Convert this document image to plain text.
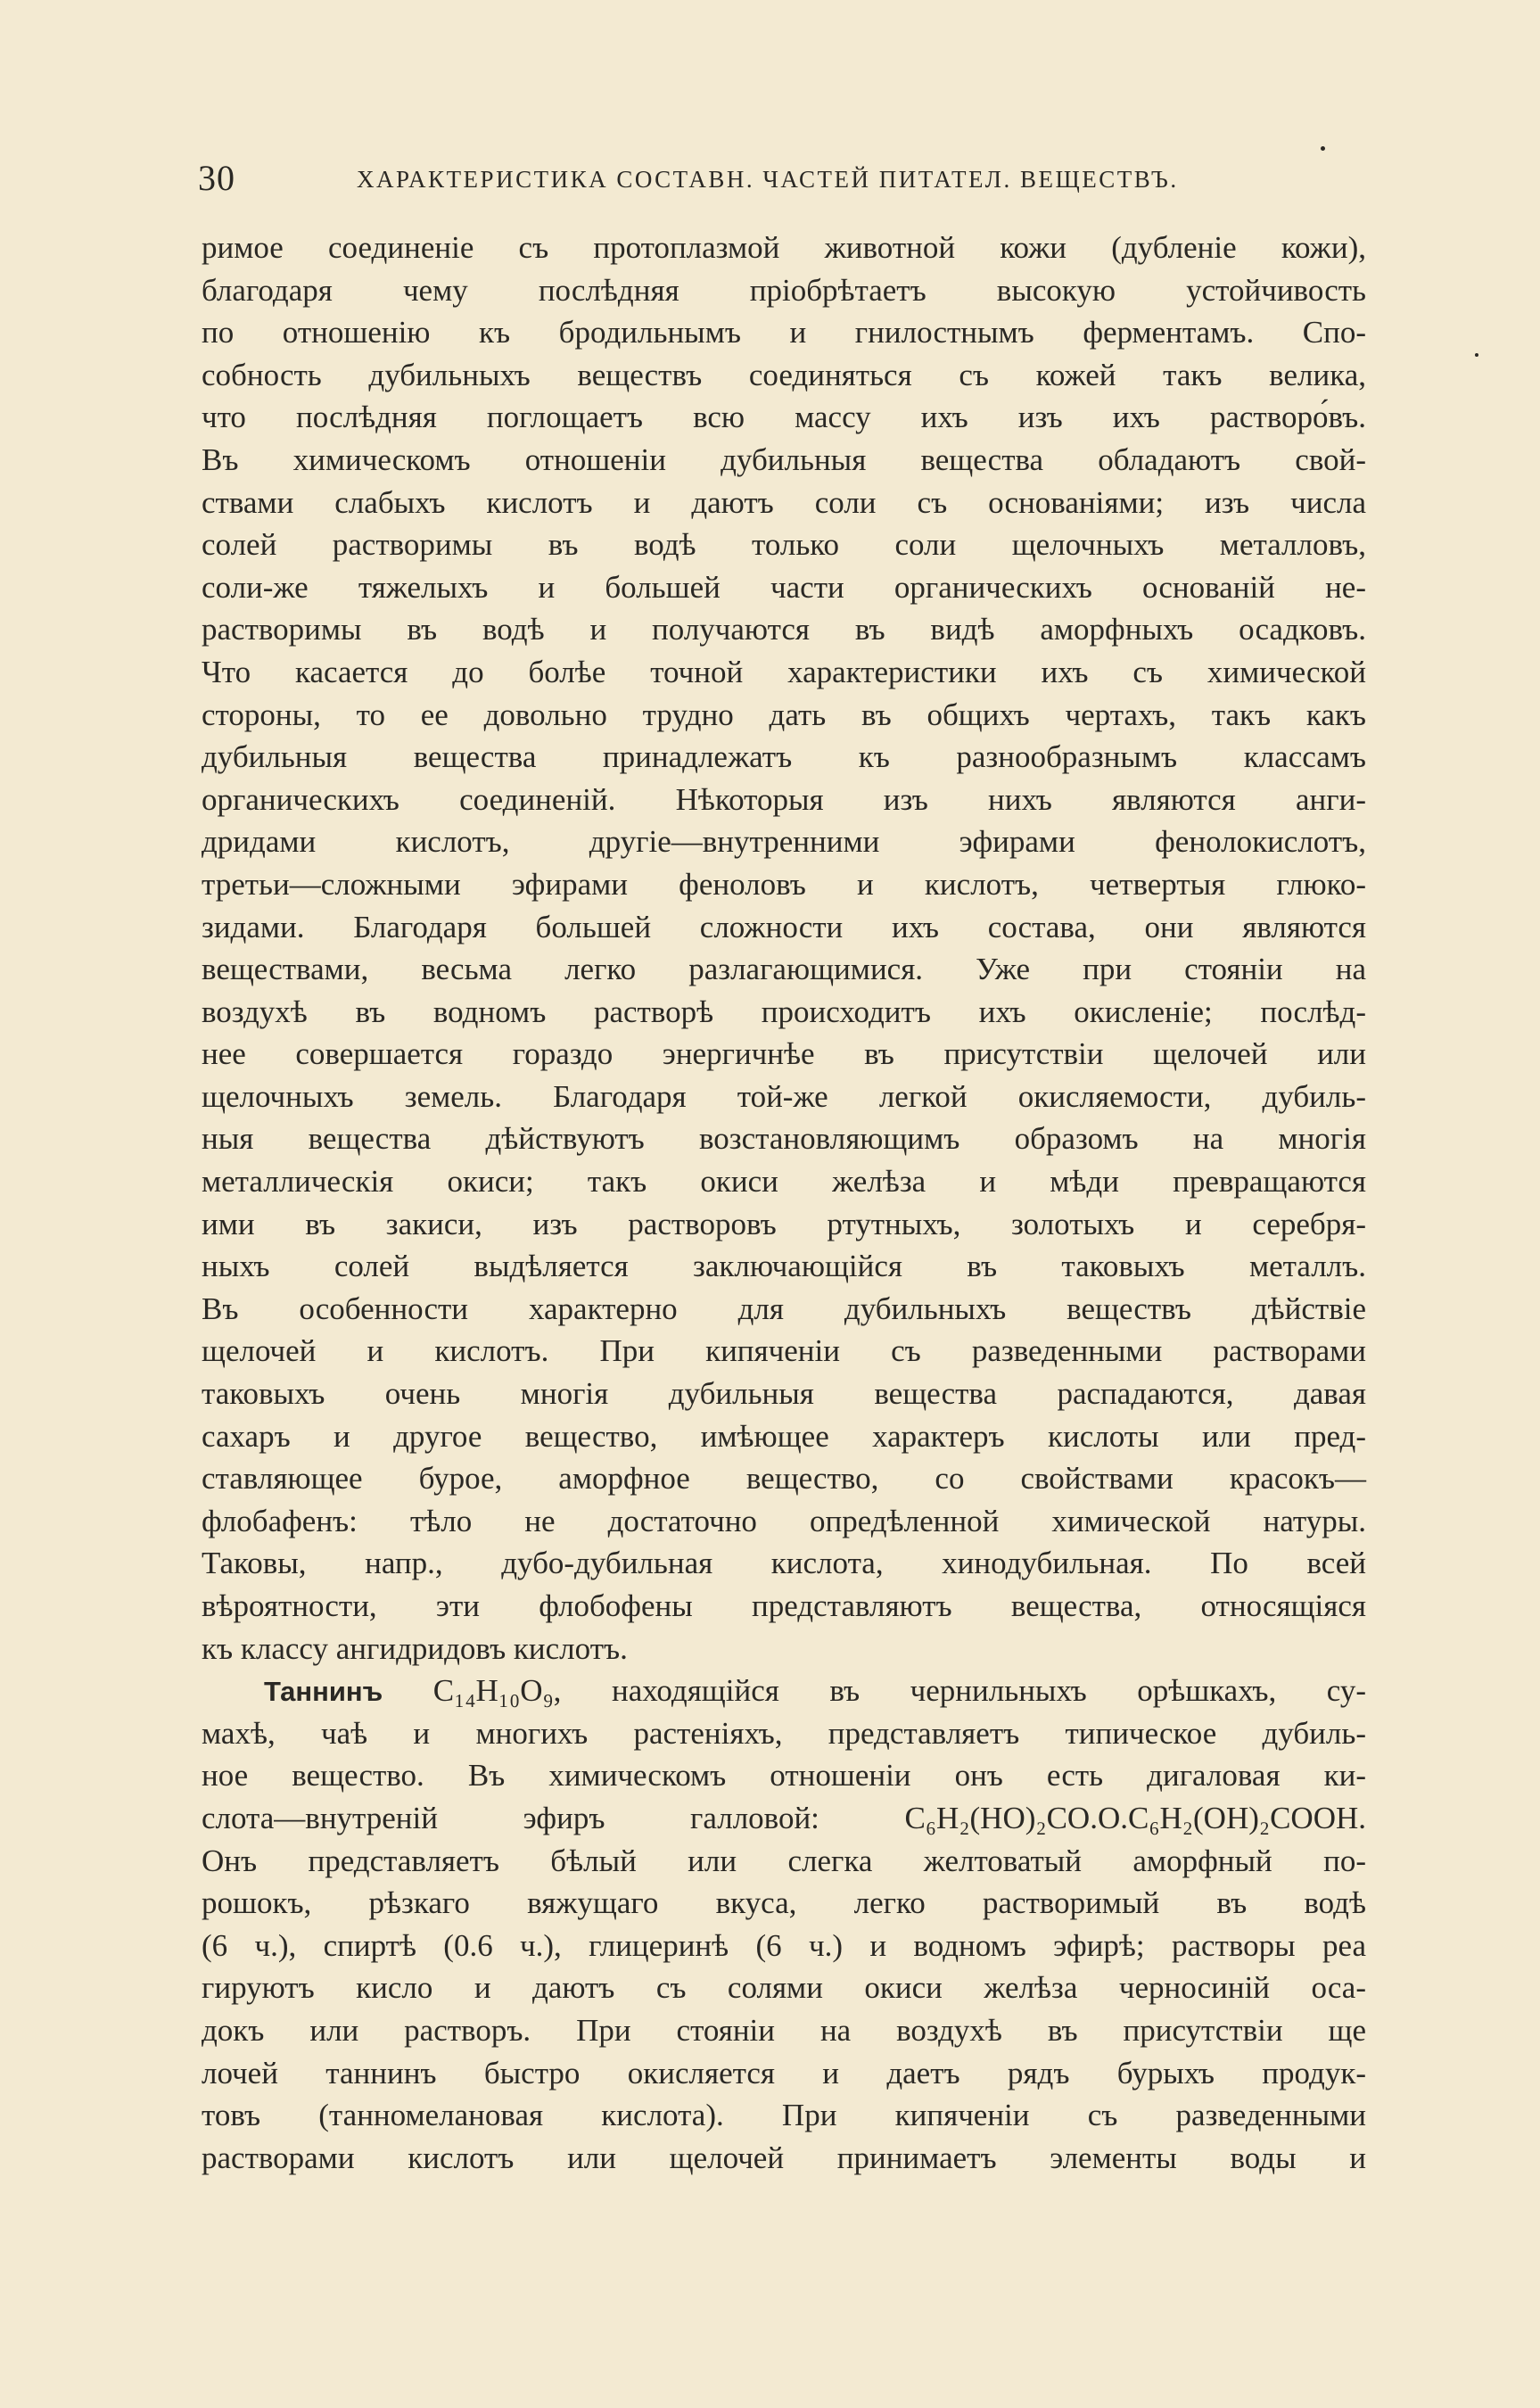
30	ХАРАКТЕРИСТИКА СОСТАВН. ЧАСТЕЙ ПИТАТЕЛ. ВЕЩЕСТВЪ.
римое соединенiе съ протоплазмой животной кожи (дубленiе кожи),
благодаря чему послѣдняя прiобрѣтаетъ высокую устойчивость
по отношенiю къ бродильнымъ и гнилостнымъ ферментамъ. Спо-
собность дубильныхъ веществъ соединяться съ кожей такъ велика,
что послѣдняя поглощаетъ всю массу ихъ изъ ихъ растворо́въ.
Въ химическомъ отношенiи дубильныя вещества обладаютъ свой-
ствами слабыхъ кислотъ и даютъ соли съ основанiями; изъ числа
солей растворимы въ водѣ только соли щелочныхъ металловъ,
соли-же тяжелыхъ и большей части органическихъ основанiй не-
растворимы въ водѣ и получаются въ видѣ аморфныхъ осадковъ.
Что касается до болѣе точной характеристики ихъ съ химической
стороны, то ее довольно трудно дать въ общихъ чертахъ, такъ какъ
дубильныя вещества принадлежатъ къ разнообразнымъ классамъ
органическихъ соединенiй. Нѣкоторыя изъ нихъ являются анги-
дридами кислотъ, другiе—внутренними эфирами фенолокислотъ,
третьи—сложными эфирами феноловъ и кислотъ, четвертыя глюко-
зидами. Благодаря большей сложности ихъ состава, они являются
веществами, весьма легко разлагающимися. Уже при стоянiи на
воздухѣ въ водномъ растворѣ происходитъ ихъ окисленiе; послѣд-
нее совершается гораздо энергичнѣе въ присутствiи щелочей или
щелочныхъ земель. Благодаря той-же легкой окисляемости, дубиль-
ныя вещества дѣйствуютъ возстановляющимъ образомъ на многiя
металлическiя окиси; такъ окиси желѣза и мѣди превращаются
ими въ закиси, изъ растворовъ ртутныхъ, золотыхъ и серебря-
ныхъ солей выдѣляется заключающiйся въ таковыхъ металлъ.
Въ особенности характерно для дубильныхъ веществъ дѣйствiе
щелочей и кислотъ. При кипяченiи съ разведенными растворами
таковыхъ очень многiя дубильныя вещества распадаются, давая
сахаръ и другое вещество, имѣющее характеръ кислоты или пред-
ставляющее бурое, аморфное вещество, со свойствами красокъ—
флобафенъ: тѣло не достаточно опредѣленной химической натуры.
Таковы, напр., дубо-дубильная кислота, хинодубильная. По всей
вѣроятности, эти флобофены представляютъ вещества, относящiяся
къ классу ангидридовъ кислотъ.
Таннинъ C₁₄H₁₀O₉, находящiйся въ чернильныхъ орѣшкахъ, су-
махѣ, чаѣ и многихъ растенiяхъ, представляетъ типическое дубиль-
ное вещество. Въ химическомъ отношенiи онъ есть дигаловая ки-
слота—внутренiй эфиръ галловой: C₆H₂(HO)₂CO.O.C₆H₂(OH)₂COOH.
Онъ представляетъ бѣлый или слегка желтоватый аморфный по-
рошокъ, рѣзкаго вяжущаго вкуса, легко растворимый въ водѣ
(6 ч.), спиртѣ (0.6 ч.), глицеринѣ (6 ч.) и водномъ эфирѣ; растворы реа
гируютъ кисло и даютъ съ солями окиси желѣза черносинiй оса-
докъ или растворъ. При стоянiи на воздухѣ въ присутствiи ще
лочей таннинъ быстро окисляется и даетъ рядъ бурыхъ продук-
товъ (танномелановая кислота). При кипяченiи съ разведенными
растворами кислотъ или щелочей принимаетъ элементы воды и
